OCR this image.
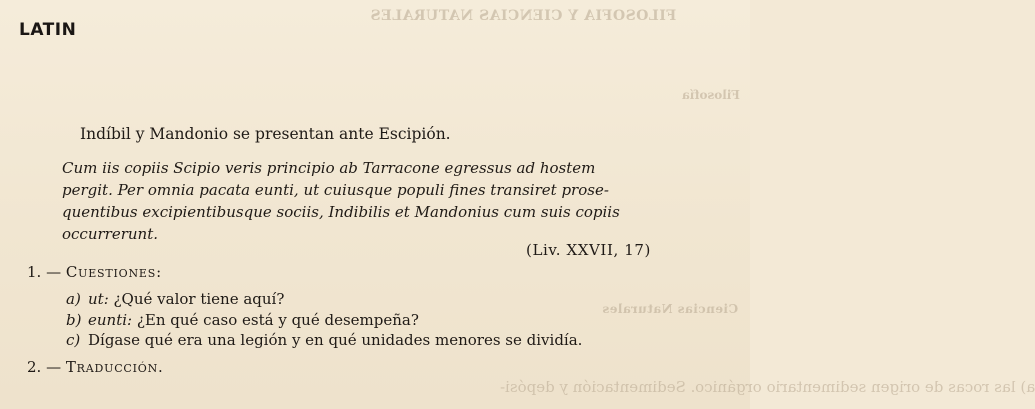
FILOSOFIA Y CIENCIAS NATURALES
Filosofía
Ciencias Naturales
a) las rocas de origen sedimentario orgánico. Sedimentación y depósi-
LATIN
Indíbil y Mandonio se presentan ante Escipión.
Cum iis copiis Scipio veris principio ab Tarracone egressus ad hostem
pergit. Per omnia pacata eunti, ut cuiusque populi fines transiret prose-
quentibus excipientibusque sociis, Indibilis et Mandonius cum suis copiis
occurrerunt.
(Liv. XXVII, 17)
1. — Cuestiones:
a) ut: ¿Qué valor tiene aquí?
b) eunti: ¿En qué caso está y qué desempeña?
c) Dígase qué era una legión y en qué unidades menores se dividía.
2. — Traducción.
